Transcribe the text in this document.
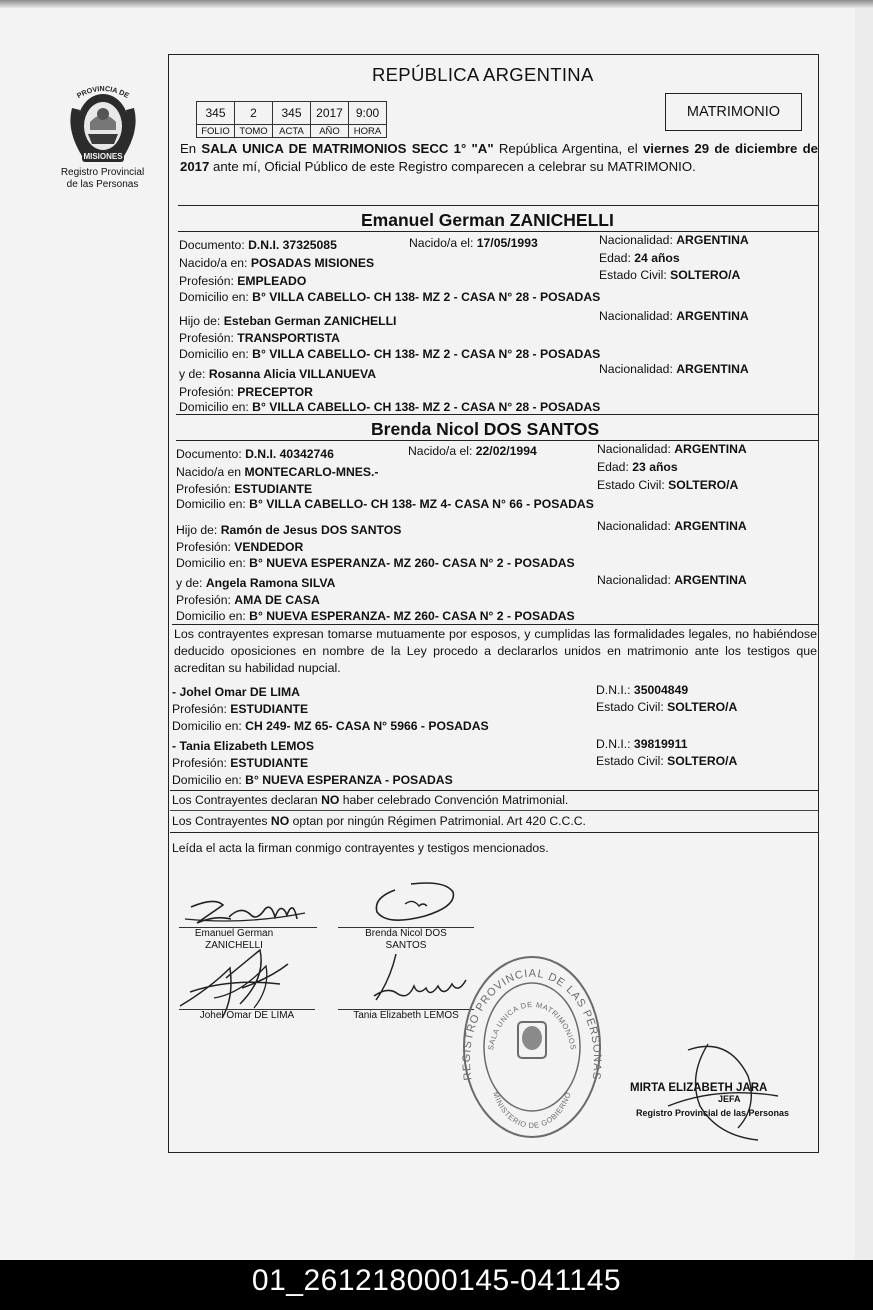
PROVINCIA DE
MISIONES
Registro Provincial
de las Personas
REPÚBLICA ARGENTINA
345	2	345	2017	9:00
FOLIO	TOMO	ACTA	AÑO	HORA
MATRIMONIO
En SALA UNICA DE MATRIMONIOS SECC 1° "A" República Argentina, el viernes 29 de diciembre de 2017 ante mí, Oficial Público de este Registro comparecen a celebrar su MATRIMONIO.
Emanuel German ZANICHELLI
Documento: D.N.I. 37325085	Nacido/a el: 17/05/1993	Nacionalidad: ARGENTINA
Nacido/a en: POSADAS MISIONES	Edad: 24 años
Profesión: EMPLEADO	Estado Civil: SOLTERO/A
Domicilio en: B° VILLA CABELLO- CH 138- MZ 2 - CASA N° 28 - POSADAS
Hijo de: Esteban German ZANICHELLI	Nacionalidad: ARGENTINA
Profesión: TRANSPORTISTA
Domicilio en: B° VILLA CABELLO- CH 138- MZ 2 - CASA N° 28 - POSADAS
y de: Rosanna Alicia VILLANUEVA	Nacionalidad: ARGENTINA
Profesión: PRECEPTOR
Domicilio en: B° VILLA CABELLO- CH 138- MZ 2 - CASA N° 28 - POSADAS
Brenda Nicol DOS SANTOS
Documento: D.N.I. 40342746	Nacido/a el: 22/02/1994	Nacionalidad: ARGENTINA
Nacido/a en MONTECARLO-MNES.-	Edad: 23 años
Profesión: ESTUDIANTE	Estado Civil: SOLTERO/A
Domicilio en: B° VILLA CABELLO- CH 138- MZ 4- CASA N° 66 - POSADAS
Hijo de: Ramón de Jesus DOS SANTOS	Nacionalidad: ARGENTINA
Profesión: VENDEDOR
Domicilio en: B° NUEVA ESPERANZA- MZ 260- CASA N° 2 - POSADAS
y de: Angela Ramona SILVA	Nacionalidad: ARGENTINA
Profesión: AMA DE CASA
Domicilio en: B° NUEVA ESPERANZA- MZ 260- CASA N° 2 - POSADAS
Los contrayentes expresan tomarse mutuamente por esposos, y cumplidas las formalidades legales, no habiéndose deducido oposiciones en nombre de la Ley procedo a declararlos unidos en matrimonio ante los testigos que acreditan su habilidad nupcial.
- Johel Omar DE LIMA	D.N.I.: 35004849
Profesión: ESTUDIANTE	Estado Civil: SOLTERO/A
Domicilio en: CH 249- MZ 65- CASA N° 5966 - POSADAS
- Tania Elizabeth LEMOS	D.N.I.: 39819911
Profesión: ESTUDIANTE	Estado Civil: SOLTERO/A
Domicilio en: B° NUEVA ESPERANZA - POSADAS
Los Contrayentes declaran NO haber celebrado Convención Matrimonial.
Los Contrayentes NO optan por ningún Régimen Patrimonial. Art 420 C.C.C.
Leída el acta la firman conmigo contrayentes y testigos mencionados.
Emanuel German
ZANICHELLI
Brenda Nicol DOS
SANTOS
Johel Omar DE LIMA	Tania Elizabeth LEMOS
REGISTRO PROVINCIAL DE LAS PERSONAS
SALA UNICA DE MATRIMONIOS
MINISTERIO DE GOBIERNO
MIRTA ELIZABETH JARA
JEFA
Registro Provincial de las Personas
01_261218000145-041145
